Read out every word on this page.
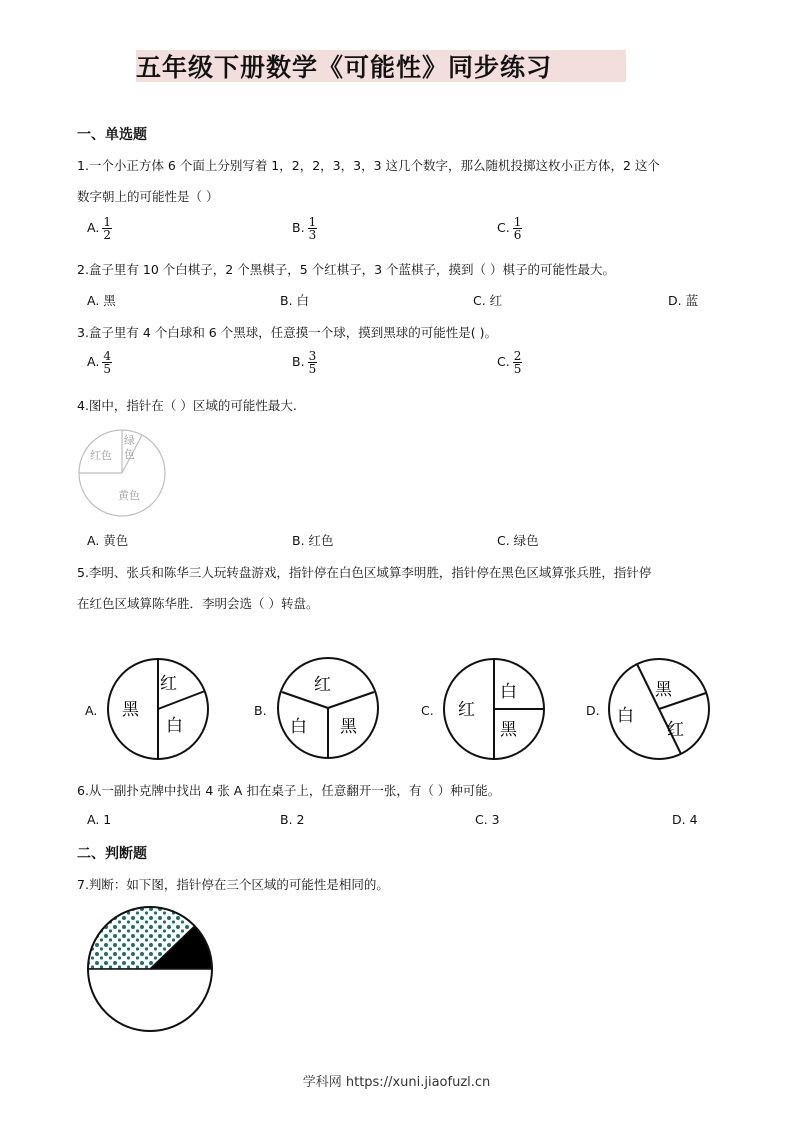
五年级下册数学《可能性》同步练习
一、单选题
1.一个小正方体 6 个面上分别写着 1，2，2，3，3，3 这几个数字，那么随机投掷这枚小正方体，2 这个
数字朝上的可能性是（ ）
A. $\frac{1}{2}$	B. $\frac{1}{3}$	C. $\frac{1}{6}$
2.盒子里有 10 个白棋子，2 个黑棋子，5 个红棋子，3 个蓝棋子，摸到（ ）棋子的可能性最大。
A. 黑	B. 白	C. 红	D. 蓝
3.盒子里有 4 个白球和 6 个黑球，任意摸一个球，摸到黑球的可能性是( )。
A. $\frac{4}{5}$	B. $\frac{3}{5}$	C. $\frac{2}{5}$
4.图中，指针在（ ）区域的可能性最大.
绿
色
红色
黄色
A. 黄色	B. 红色	C. 绿色
5.李明、张兵和陈华三人玩转盘游戏，指针停在白色区域算李明胜，指针停在黑色区域算张兵胜，指针停
在红色区域算陈华胜．李明会选（ ）转盘。
A.
红
黑
白
B.
红
白 黑
C. 红
白
黑
D.
黑
白
红
6.从一副扑克牌中找出 4 张 A 扣在桌子上，任意翻开一张，有（ ）种可能。
A. 1	B. 2	C. 3	D. 4
二、判断题
7.判断：如下图，指针停在三个区域的可能性是相同的。
学科网 https://xuni.jiaofuzl.cn
